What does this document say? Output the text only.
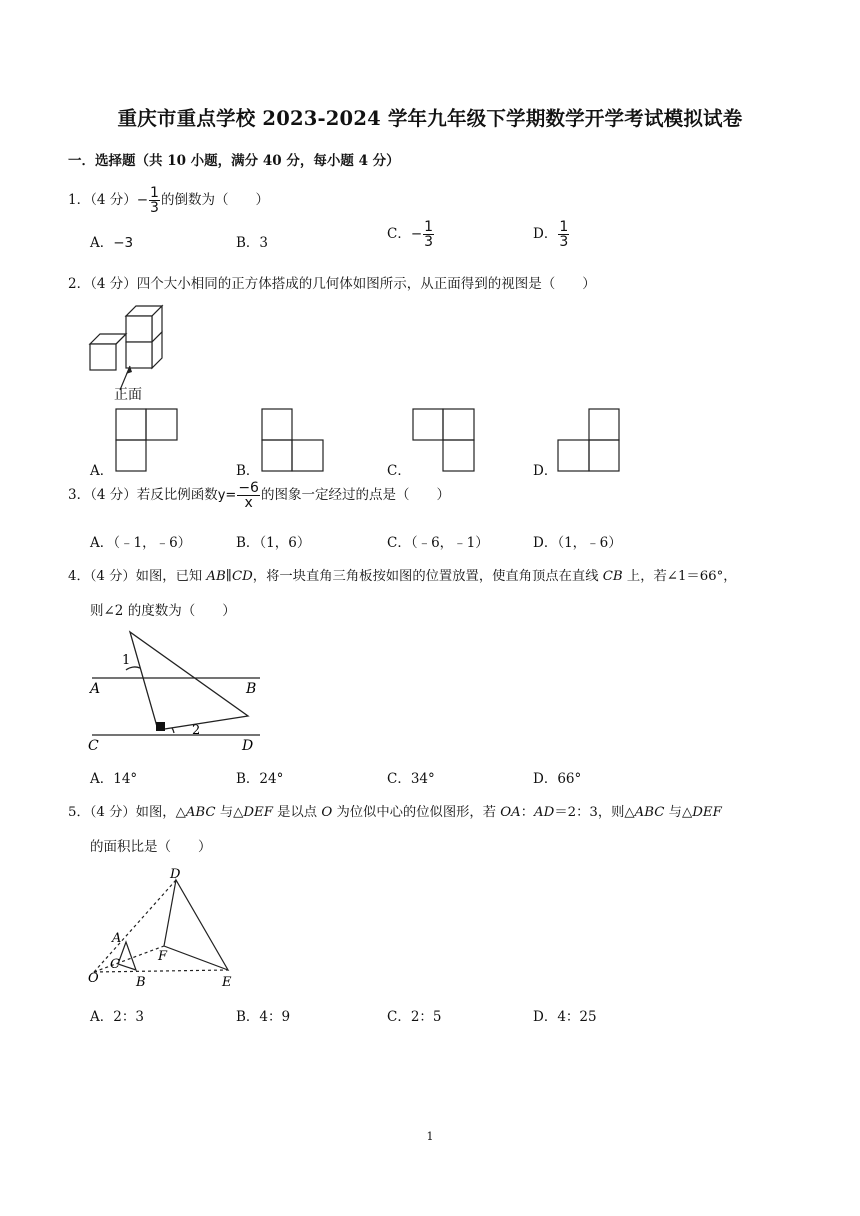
重庆市重点学校 2023-2024 学年九年级下学期数学开学考试模拟试卷
一．选择题（共 10 小题，满分 40 分，每小题 4 分）
1．（4 分）− $\frac{1}{3}$ 的倒数为（　　）
A．−3	B．3
C．− $\frac{1}{3}$	D． $\frac{1}{3}$
2．（4 分）四个大小相同的正方体搭成的几何体如图所示，从正面得到的视图是（　　）
正面
A．	B．	C．	D．
3．（4 分）若反比例函数$y= \frac{-6}{x}$ 的图象一定经过的点是（　　）
A．（﹣1，﹣6）	B．（1，6）	C．（﹣6，﹣1）	D．（1，﹣6）
4．（4 分）如图，已知 AB∥CD，将一块直角三角板按如图的位置放置，使直角顶点在直线 CB 上，若∠1＝66°，
则∠2 的度数为（　　）
1
2
A	B
C	D
A．14°	B．24°	C．34°	D．66°
5．（4 分）如图，△ABC 与△DEF 是以点 O 为位似中心的位似图形，若 OA：AD＝2：3，则△ABC 与△DEF
的面积比是（　　）
D
A
C
F
O	B	E
A．2：3	B．4：9	C．2：5	D．4：25
1
